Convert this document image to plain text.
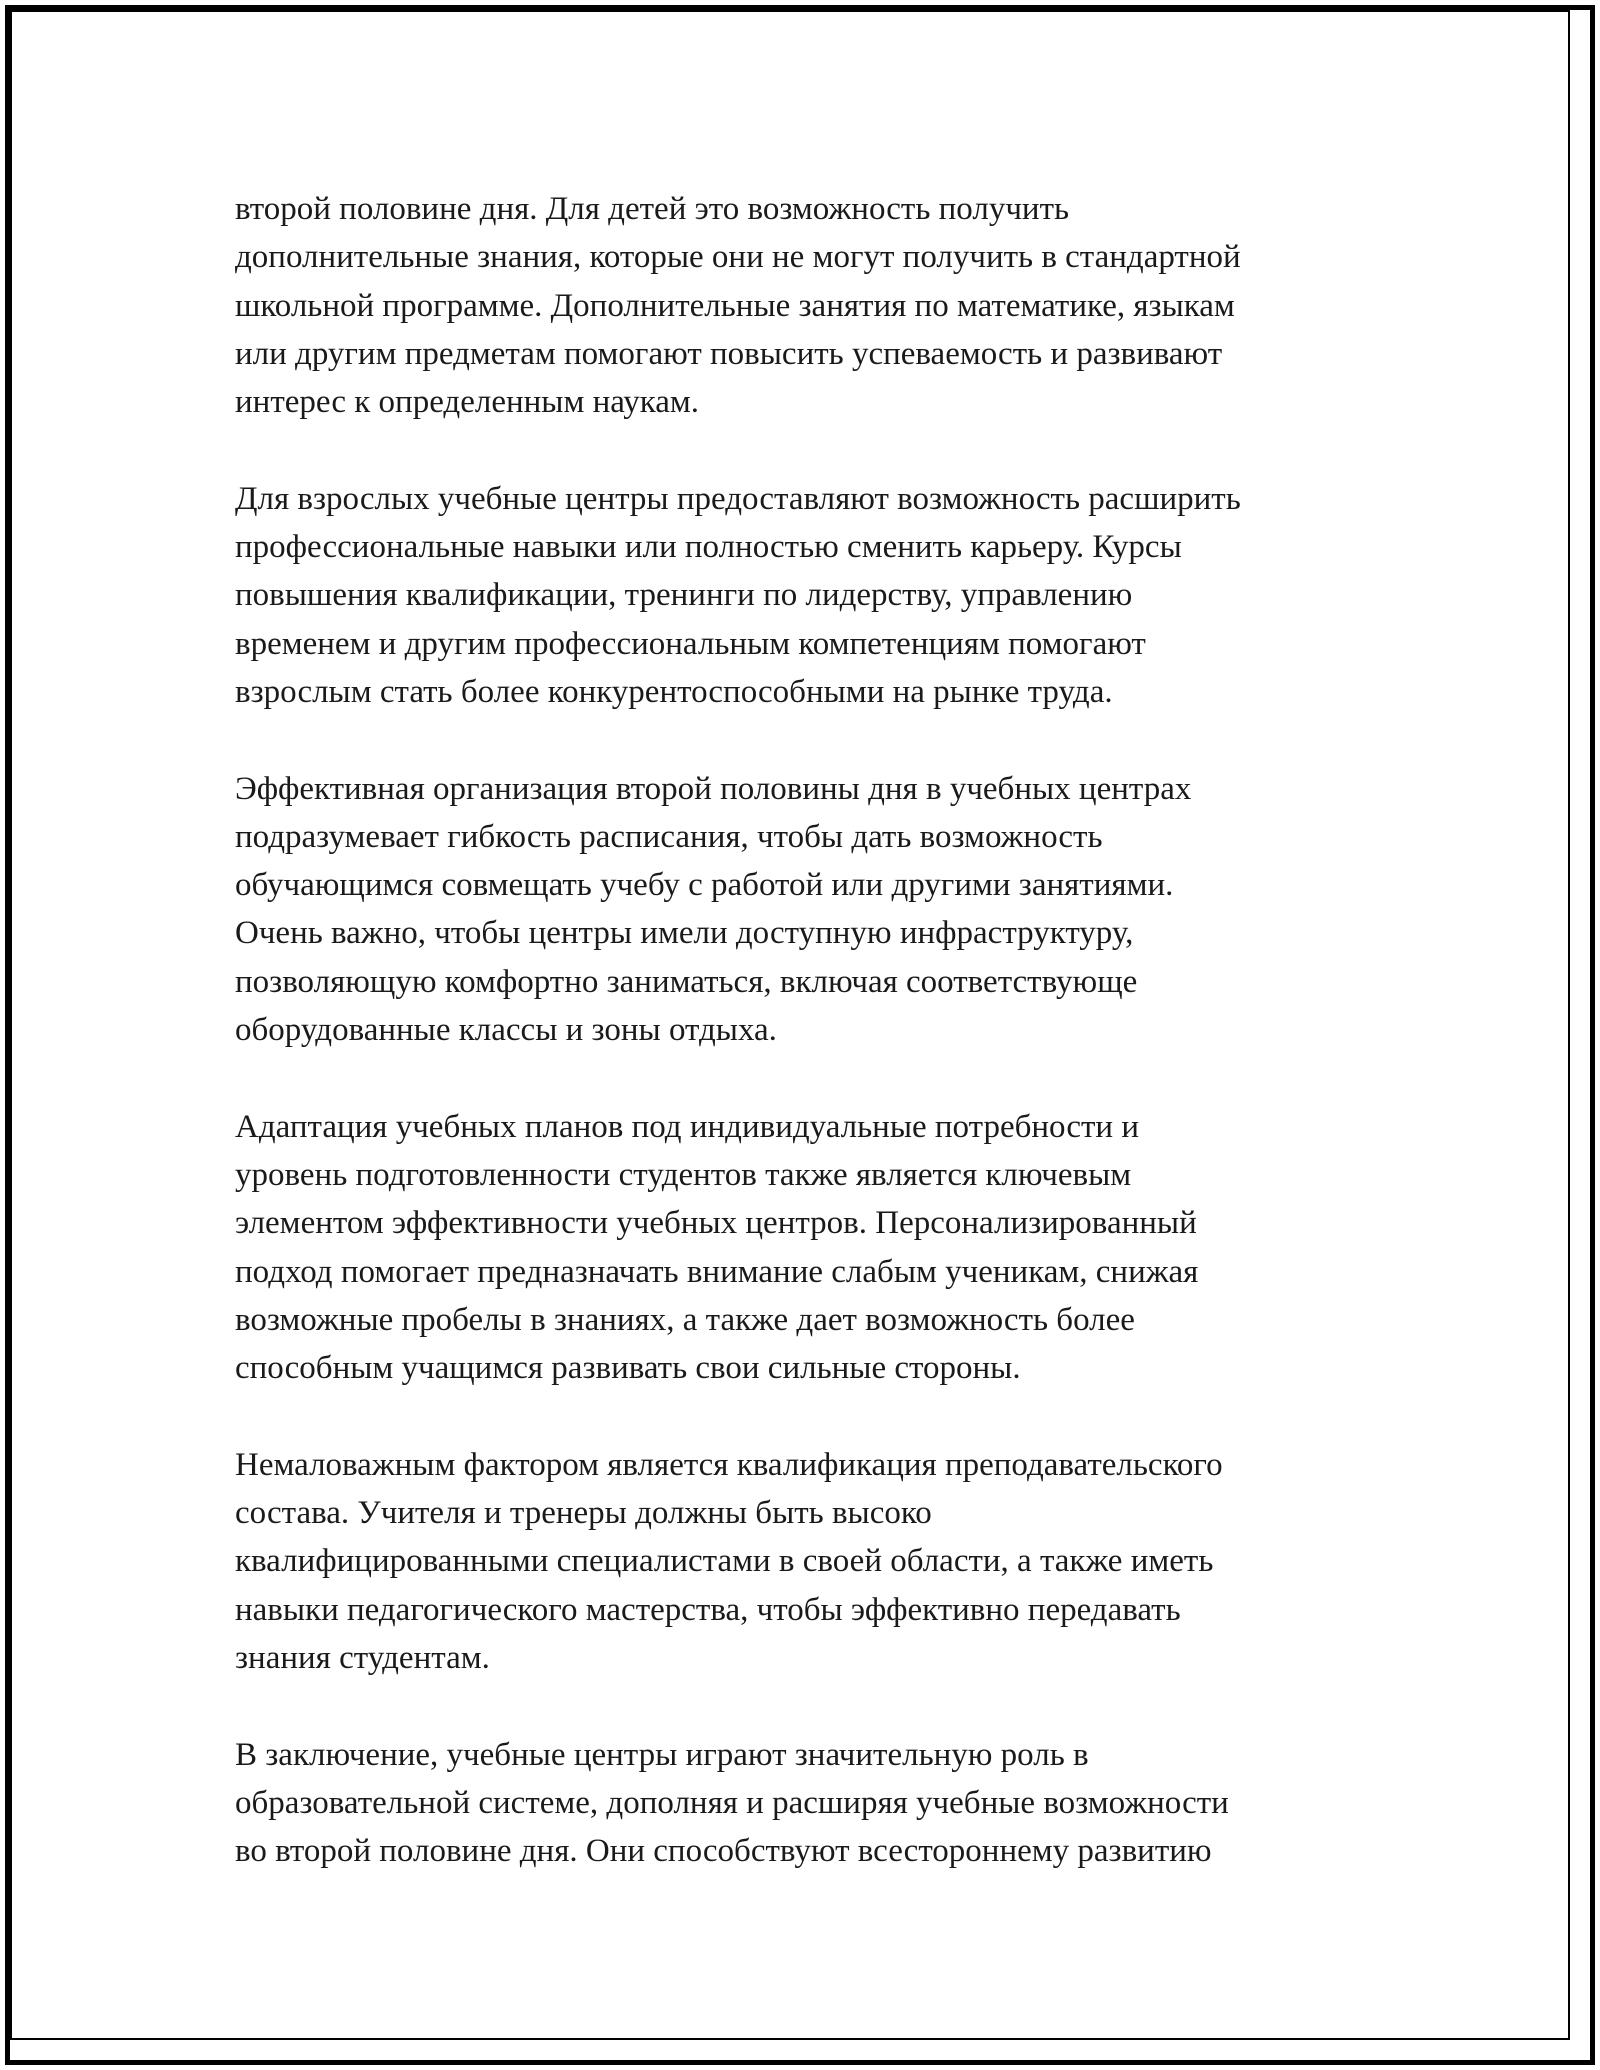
второй половине дня. Для детей это возможность получить
дополнительные знания, которые они не могут получить в стандартной
школьной программе. Дополнительные занятия по математике, языкам
или другим предметам помогают повысить успеваемость и развивают
интерес к определенным наукам.

Для взрослых учебные центры предоставляют возможность расширить
профессиональные навыки или полностью сменить карьеру. Курсы
повышения квалификации, тренинги по лидерству, управлению
временем и другим профессиональным компетенциям помогают
взрослым стать более конкурентоспособными на рынке труда.

Эффективная организация второй половины дня в учебных центрах
подразумевает гибкость расписания, чтобы дать возможность
обучающимся совмещать учебу с работой или другими занятиями.
Очень важно, чтобы центры имели доступную инфраструктуру,
позволяющую комфортно заниматься, включая соответствующе
оборудованные классы и зоны отдыха.

Адаптация учебных планов под индивидуальные потребности и
уровень подготовленности студентов также является ключевым
элементом эффективности учебных центров. Персонализированный
подход помогает предназначать внимание слабым ученикам, снижая
возможные пробелы в знаниях, а также дает возможность более
способным учащимся развивать свои сильные стороны.

Немаловажным фактором является квалификация преподавательского
состава. Учителя и тренеры должны быть высоко
квалифицированными специалистами в своей области, а также иметь
навыки педагогического мастерства, чтобы эффективно передавать
знания студентам.

В заключение, учебные центры играют значительную роль в
образовательной системе, дополняя и расширяя учебные возможности
во второй половине дня. Они способствуют всестороннему развитию
